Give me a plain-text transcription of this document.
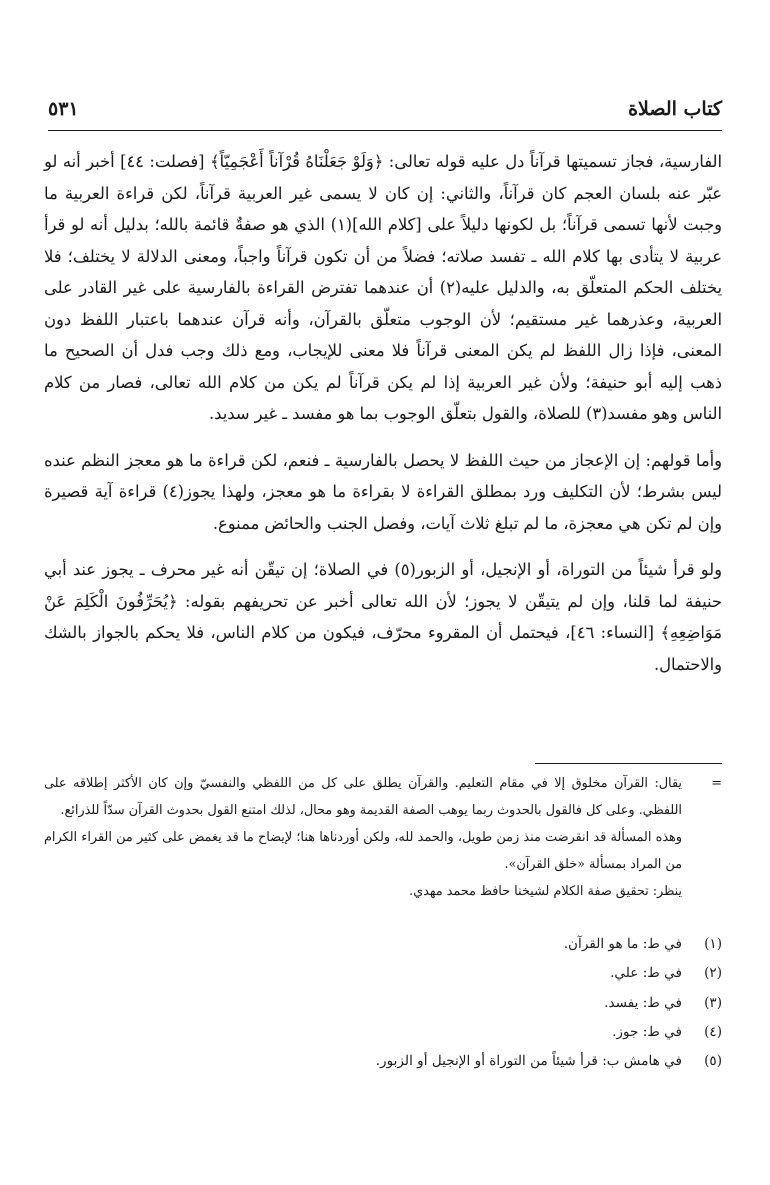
كتاب الصلاة
٥٣١

الفارسية، فجاز تسميتها قرآناً دل عليه قوله تعالى: ﴿وَلَوْ جَعَلْنَاهُ قُرْآناً أَعْجَمِيّاً﴾ [فصلت: ٤٤] أخبر أنه لو عبّر عنه بلسان العجم كان قرآناً، والثاني: إن كان لا يسمى غير العربية قرآناً، لكن قراءة العربية ما وجبت لأنها تسمى قرآناً؛ بل لكونها دليلاً على [كلام الله](١) الذي هو صفةٌ قائمة بالله؛ بدليل أنه لو قرأ عربية لا يتأدى بها كلام الله ـ تفسد صلاته؛ فضلاً من أن تكون قرآناً واجباً، ومعنى الدلالة لا يختلف؛ فلا يختلف الحكم المتعلّق به، والدليل عليه(٢) أن عندهما تفترض القراءة بالفارسية على غير القادر على العربية، وعذرهما غير مستقيم؛ لأن الوجوب متعلّق بالقرآن، وأنه قرآن عندهما باعتبار اللفظ دون المعنى، فإذا زال اللفظ لم يكن المعنى قرآناً فلا معنى للإيجاب، ومع ذلك وجب فدل أن الصحيح ما ذهب إليه أبو حنيفة؛ ولأن غير العربية إذا لم يكن قرآناً لم يكن من كلام الله تعالى، فصار من كلام الناس وهو مفسد(٣) للصلاة، والقول بتعلّق الوجوب بما هو مفسد ـ غير سديد.

وأما قولهم: إن الإعجاز من حيث اللفظ لا يحصل بالفارسية ـ فنعم، لكن قراءة ما هو معجز النظم عنده ليس بشرط؛ لأن التكليف ورد بمطلق القراءة لا بقراءة ما هو معجز، ولهذا يجوز(٤) قراءة آية قصيرة وإن لم تكن هي معجزة، ما لم تبلغ ثلاث آيات، وفصل الجنب والحائض ممنوع.

ولو قرأ شيئاً من التوراة، أو الإنجيل، أو الزبور(٥) في الصلاة؛ إن تيقّن أنه غير محرف ـ يجوز عند أبي حنيفة لما قلنا، وإن لم يتيقّن لا يجوز؛ لأن الله تعالى أخبر عن تحريفهم بقوله: ﴿يُحَرِّفُونَ الْكَلِمَ عَنْ مَوَاضِعِهِ﴾ [النساء: ٤٦]، فيحتمل أن المقروء محرّف، فيكون من كلام الناس، فلا يحكم بالجواز بالشك والاحتمال.

=

يقال: القرآن مخلوق إلا في مقام التعليم. والقرآن يطلق على كل من اللفظي والنفسيّ وإن كان الأكثر إطلاقه على اللفظي. وعلى كل فالقول بالحدوث ربما يوهب الصفة القديمة وهو محال، لذلك امتنع القول بحدوث القرآن سدّاً للذرائع.

وهذه المسألة قد انقرضت منذ زمن طويل، والحمد لله، ولكن أوردناها هنا؛ لإيضاح ما قد يغمض على كثير من القراء الكرام من المراد بمسألة «خلق القرآن».

ينظر: تحقيق صفة الكلام لشيخنا حافظ محمد مهدي.

(١)
في ط: ما هو القرآن.
(٢)
في ط: علي.
(٣)
في ط: يفسد.
(٤)
في ط: جوز.
(٥)
في هامش ب: قرأ شيئاً من التوراة أو الإنجيل أو الزبور.
